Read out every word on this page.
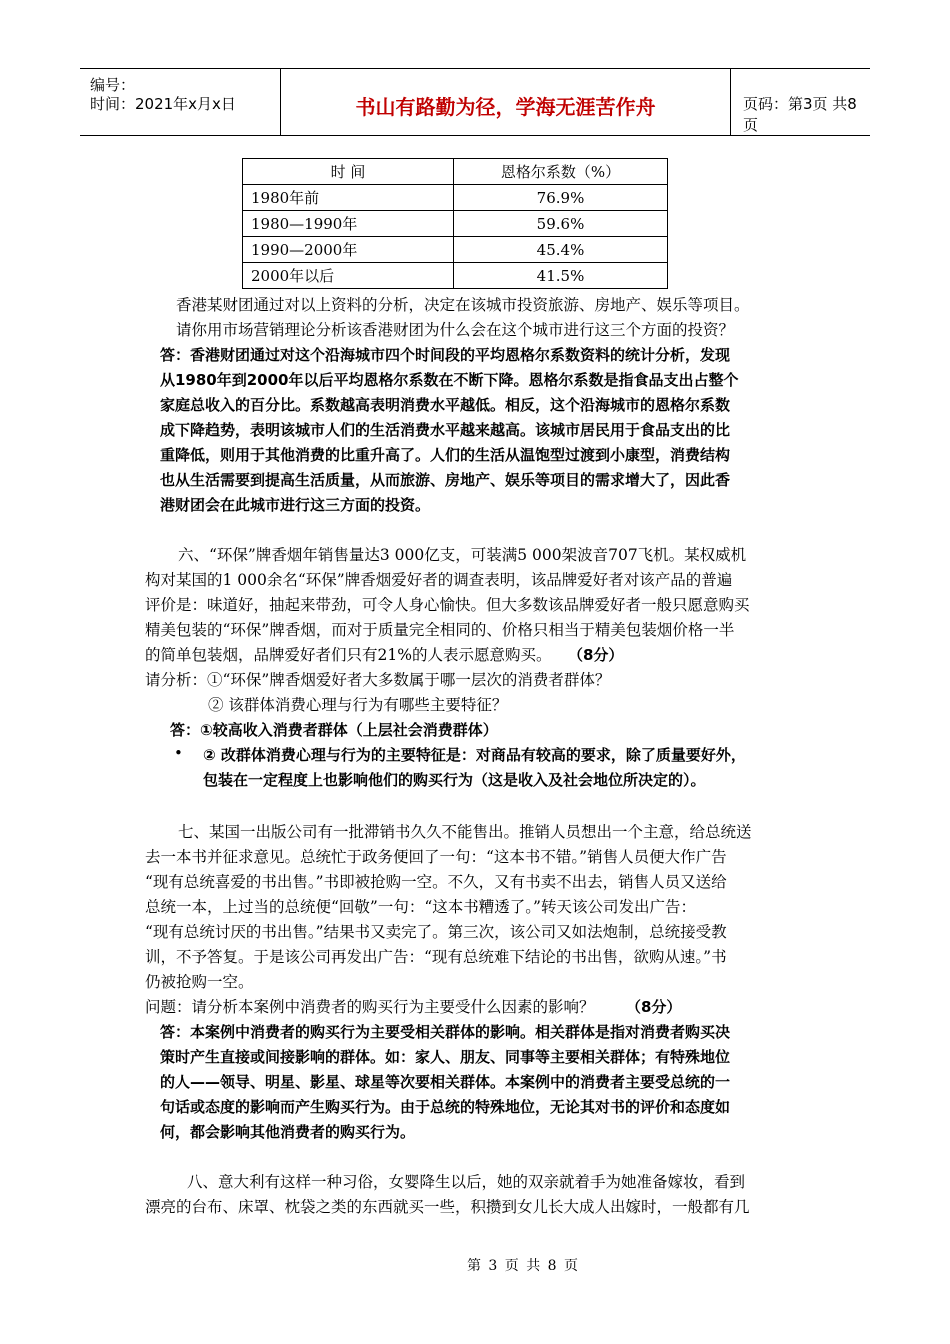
编号：
时间：2021年x月x日	书山有路勤为径，学海无涯苦作舟	页码：第3页 共8页
时 间	恩格尔系数（%）
1980年前	76.9%
1980—1990年	59.6%
1990—2000年	45.4%
2000年以后	41.5%
香港某财团通过对以上资料的分析，决定在该城市投资旅游、房地产、娱乐等项目。
请你用市场营销理论分析该香港财团为什么会在这个城市进行这三个方面的投资？
答：香港财团通过对这个沿海城市四个时间段的平均恩格尔系数资料的统计分析，发现
从1980年到2000年以后平均恩格尔系数在不断下降。恩格尔系数是指食品支出占整个
家庭总收入的百分比。系数越高表明消费水平越低。相反，这个沿海城市的恩格尔系数
成下降趋势，表明该城市人们的生活消费水平越来越高。该城市居民用于食品支出的比
重降低，则用于其他消费的比重升高了。人们的生活从温饱型过渡到小康型，消费结构
也从生活需要到提高生活质量，从而旅游、房地产、娱乐等项目的需求增大了，因此香
港财团会在此城市进行这三方面的投资。
六、“环保”牌香烟年销售量达3 000亿支，可装满5 000架波音707飞机。某权威机
构对某国的1 000余名“环保”牌香烟爱好者的调查表明，该品牌爱好者对该产品的普遍
评价是：味道好，抽起来带劲，可令人身心愉快。但大多数该品牌爱好者一般只愿意购买
精美包装的“环保”牌香烟，而对于质量完全相同的、价格只相当于精美包装烟价格一半
的简单包装烟，品牌爱好者们只有21%的人表示愿意购买。 （8分）
请分析：①“环保”牌香烟爱好者大多数属于哪一层次的消费者群体？
② 该群体消费心理与行为有哪些主要特征？
答：①较高收入消费者群体（上层社会消费群体）
• ② 改群体消费心理与行为的主要特征是：对商品有较高的要求，除了质量要好外，
包装在一定程度上也影响他们的购买行为（这是收入及社会地位所决定的）。
七、某国一出版公司有一批滞销书久久不能售出。推销人员想出一个主意，给总统送
去一本书并征求意见。总统忙于政务便回了一句：“这本书不错。”销售人员便大作广告
“现有总统喜爱的书出售。”书即被抢购一空。不久，又有书卖不出去，销售人员又送给
总统一本，上过当的总统便“回敬”一句：“这本书糟透了。”转天该公司发出广告：
“现有总统讨厌的书出售。”结果书又卖完了。第三次，该公司又如法炮制，总统接受教
训，不予答复。于是该公司再发出广告：“现有总统难下结论的书出售，欲购从速。”书
仍被抢购一空。
问题：请分析本案例中消费者的购买行为主要受什么因素的影响？ （8分）
答：本案例中消费者的购买行为主要受相关群体的影响。相关群体是指对消费者购买决
策时产生直接或间接影响的群体。如：家人、朋友、同事等主要相关群体；有特殊地位
的人——领导、明星、影星、球星等次要相关群体。本案例中的消费者主要受总统的一
句话或态度的影响而产生购买行为。由于总统的特殊地位，无论其对书的评价和态度如
何，都会影响其他消费者的购买行为。
八、意大利有这样一种习俗，女婴降生以后，她的双亲就着手为她准备嫁妆，看到
漂亮的台布、床罩、枕袋之类的东西就买一些，积攒到女儿长大成人出嫁时，一般都有几
第 3 页 共 8 页
